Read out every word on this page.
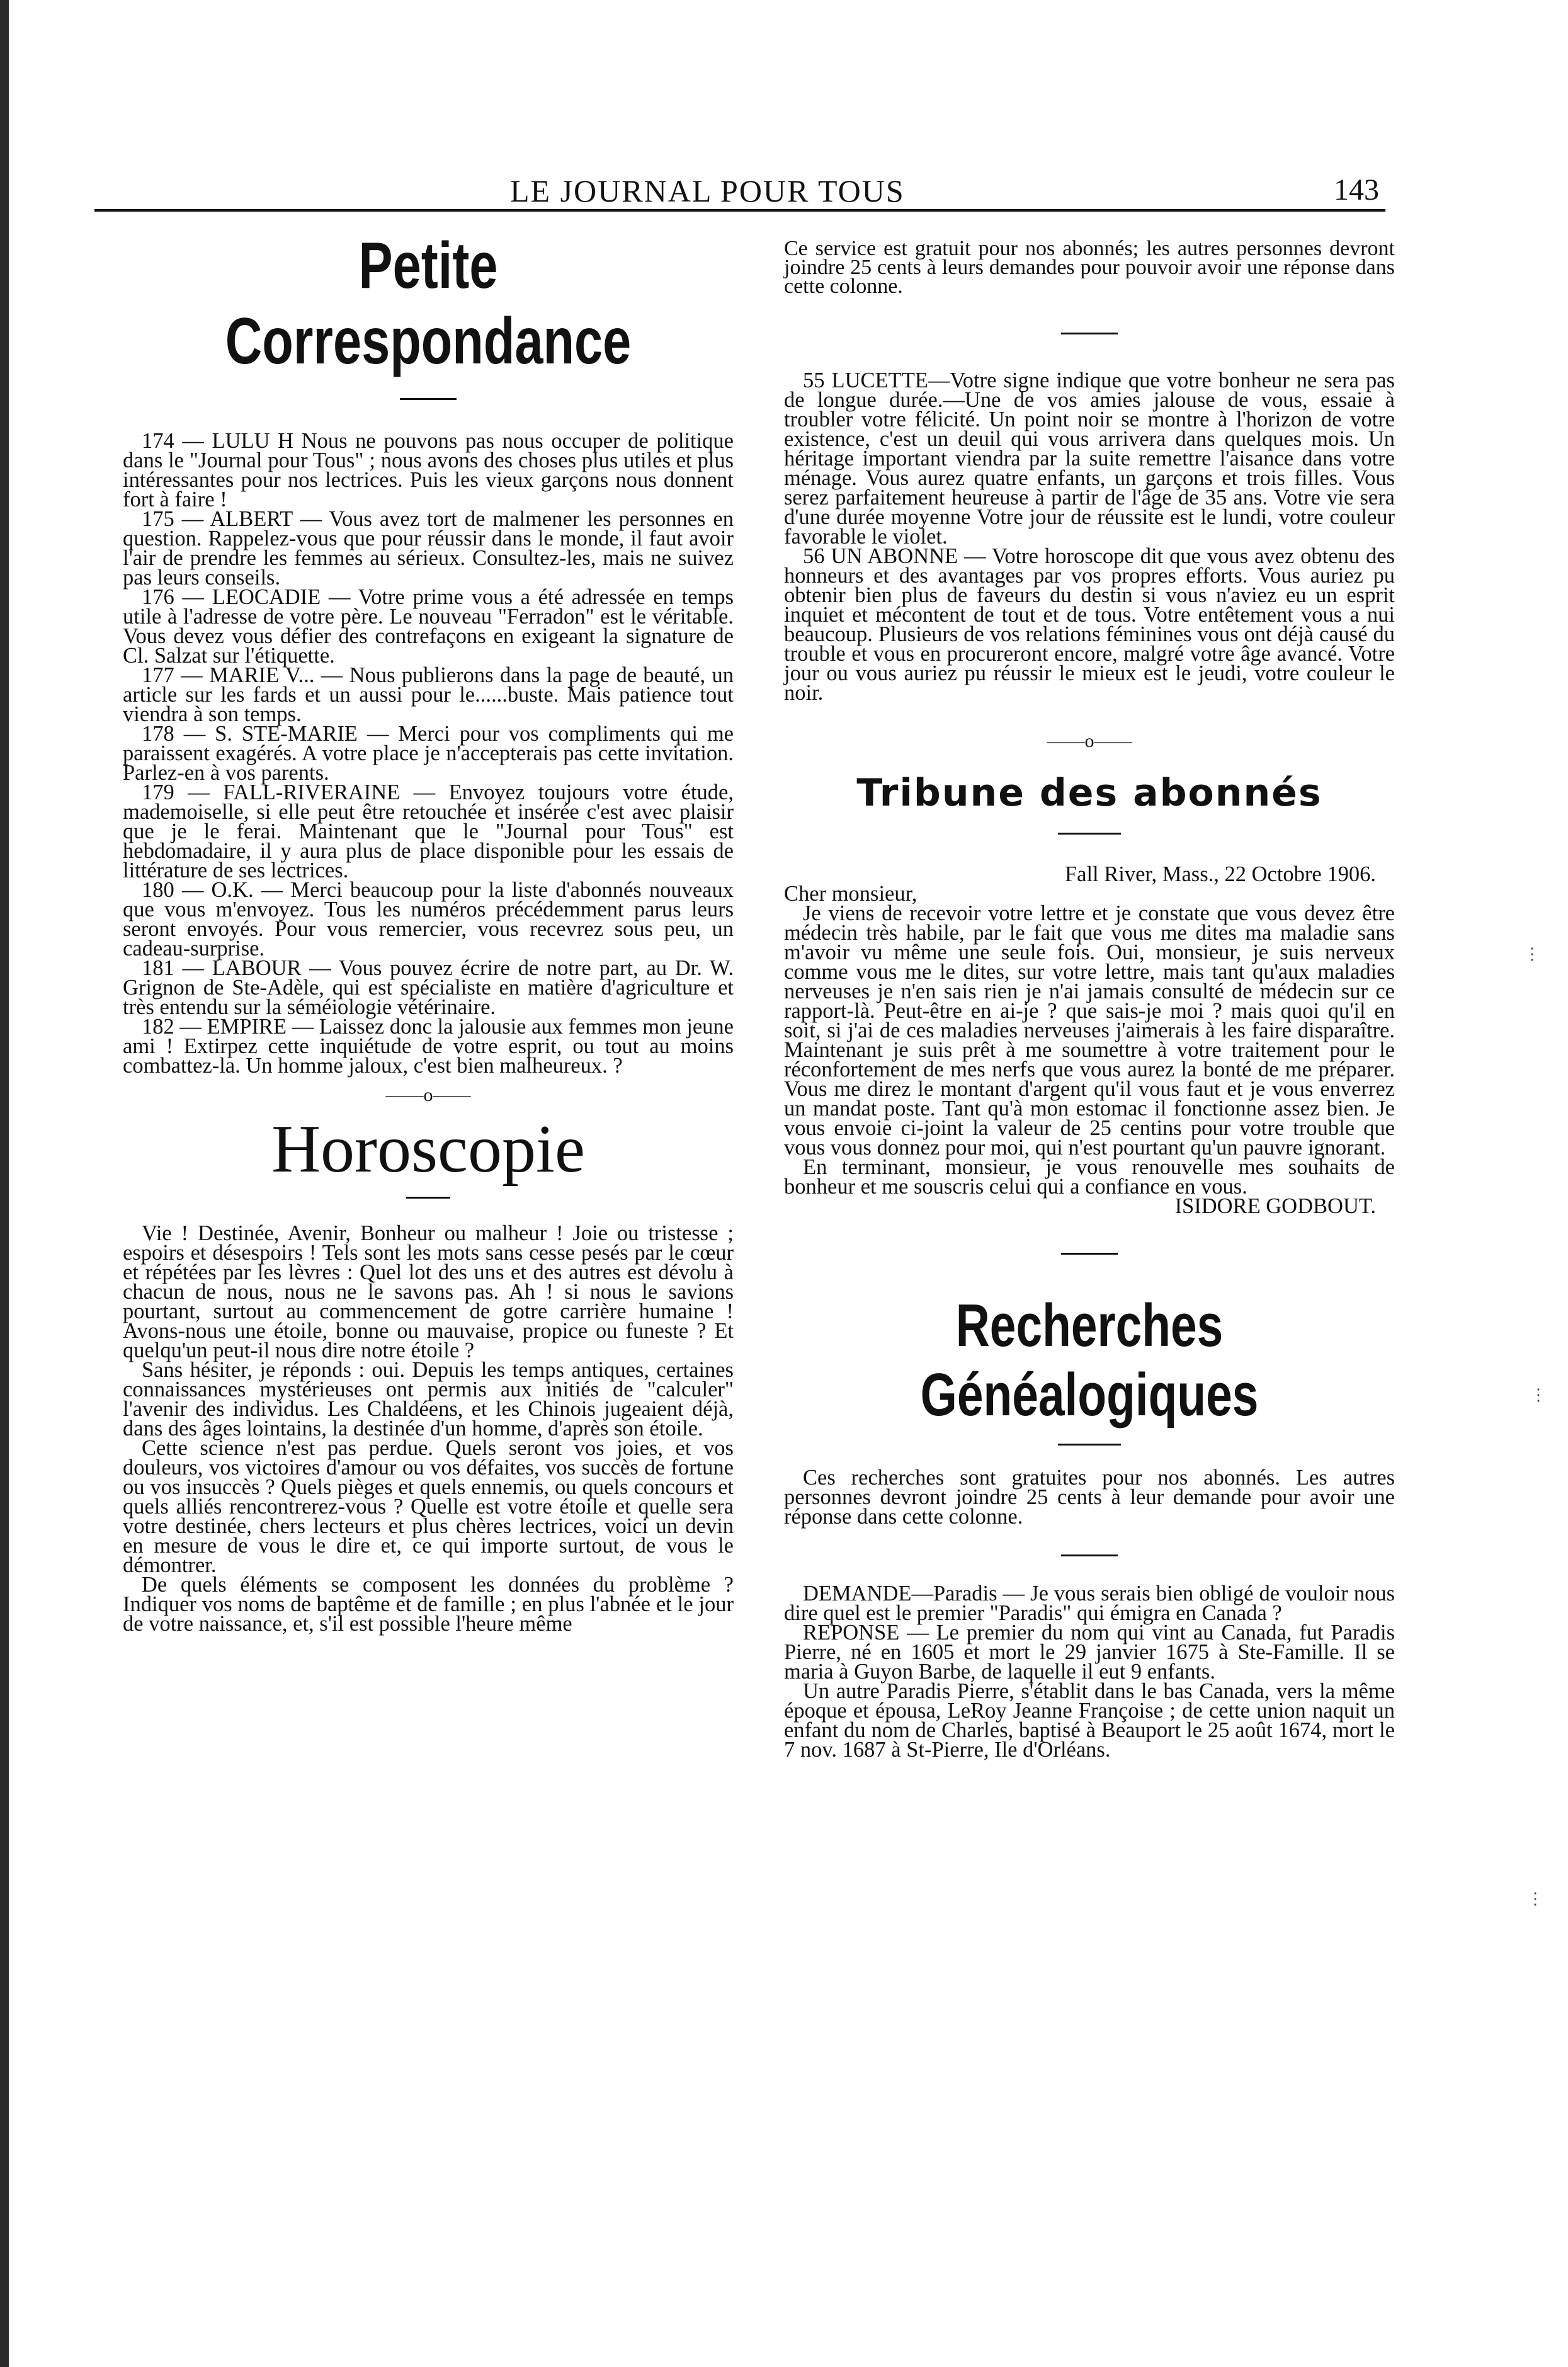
⋮
⋮
⋮
LE JOURNAL POUR TOUS	143
Petite Correspondance

174 — LULU H Nous ne pouvons pas nous occuper de politique dans le "Journal pour Tous" ; nous avons des choses plus utiles et plus intéressantes pour nos lectrices. Puis les vieux garçons nous donnent fort à faire !

175 — ALBERT — Vous avez tort de malmener les personnes en question. Rappelez-vous que pour réussir dans le monde, il faut avoir l'air de prendre les femmes au sérieux. Consultez-les, mais ne suivez pas leurs conseils.

176 — LEOCADIE — Votre prime vous a été adressée en temps utile à l'adresse de votre père. Le nouveau "Ferradon" est le véritable. Vous devez vous défier des contrefaçons en exigeant la signature de Cl. Salzat sur l'étiquette.

177 — MARIE V... — Nous publierons dans la page de beauté, un article sur les fards et un aussi pour le......buste. Mais patience tout viendra à son temps.

178 — S. STE-MARIE — Merci pour vos compliments qui me paraissent exagérés. A votre place je n'accepterais pas cette invitation. Parlez-en à vos parents.

179 — FALL-RIVERAINE — Envoyez toujours votre étude, mademoiselle, si elle peut être retouchée et insérée c'est avec plaisir que je le ferai. Maintenant que le "Journal pour Tous" est hebdomadaire, il y aura plus de place disponible pour les essais de littérature de ses lectrices.

180 — O.K. — Merci beaucoup pour la liste d'abonnés nouveaux que vous m'envoyez. Tous les numéros précédemment parus leurs seront envoyés. Pour vous remercier, vous recevrez sous peu, un cadeau-surprise.

181 — LABOUR — Vous pouvez écrire de notre part, au Dr. W. Grignon de Ste-Adèle, qui est spécialiste en matière d'agriculture et très entendu sur la séméiologie vétérinaire.

182 — EMPIRE — Laissez donc la jalousie aux femmes mon jeune ami ! Extirpez cette inquiétude de votre esprit, ou tout au moins combattez-la. Un homme jaloux, c'est bien malheureux. ?

——o——
Horoscopie

Vie ! Destinée, Avenir, Bonheur ou malheur ! Joie ou tristesse ; espoirs et désespoirs ! Tels sont les mots sans cesse pesés par le cœur et répétées par les lèvres : Quel lot des uns et des autres est dévolu à chacun de nous, nous ne le savons pas. Ah ! si nous le savions pourtant, surtout au commencement de gotre carrière humaine ! Avons-nous une étoile, bonne ou mauvaise, propice ou funeste ? Et quelqu'un peut-il nous dire notre étoile ?

Sans hésiter, je réponds : oui. Depuis les temps antiques, certaines connaissances mystérieuses ont permis aux initiés de "calculer" l'avenir des individus. Les Chaldéens, et les Chinois jugeaient déjà, dans des âges lointains, la destinée d'un homme, d'après son étoile.

Cette science n'est pas perdue. Quels seront vos joies, et vos douleurs, vos victoires d'amour ou vos défaites, vos succès de fortune ou vos insuccès ? Quels pièges et quels ennemis, ou quels concours et quels alliés rencontrerez-vous ? Quelle est votre étoile et quelle sera votre destinée, chers lecteurs et plus chères lectrices, voici un devin en mesure de vous le dire et, ce qui importe surtout, de vous le démontrer.

De quels éléments se composent les données du problème ? Indiquer vos noms de baptême et de famille ; en plus l'abnée et le jour de votre naissance, et, s'il est possible l'heure même

Ce service est gratuit pour nos abonnés; les autres personnes devront joindre 25 cents à leurs demandes pour pouvoir avoir une réponse dans cette colonne.

55 LUCETTE—Votre signe indique que votre bonheur ne sera pas de longue durée.—Une de vos amies jalouse de vous, essaie à troubler votre félicité. Un point noir se montre à l'horizon de votre existence, c'est un deuil qui vous arrivera dans quelques mois. Un héritage important viendra par la suite remettre l'aisance dans votre ménage. Vous aurez quatre enfants, un garçons et trois filles. Vous serez parfaitement heureuse à partir de l'âge de 35 ans. Votre vie sera d'une durée moyenne Votre jour de réussite est le lundi, votre couleur favorable le violet.

56 UN ABONNE — Votre horoscope dit que vous avez obtenu des honneurs et des avantages par vos propres efforts. Vous auriez pu obtenir bien plus de faveurs du destin si vous n'aviez eu un esprit inquiet et mécontent de tout et de tous. Votre entêtement vous a nui beaucoup. Plusieurs de vos relations féminines vous ont déjà causé du trouble et vous en procureront encore, malgré votre âge avancé. Votre jour ou vous auriez pu réussir le mieux est le jeudi, votre couleur le noir.

——o——
Tribune des abonnés

Fall River, Mass., 22 Octobre 1906.

Cher monsieur,

Je viens de recevoir votre lettre et je constate que vous devez être médecin très habile, par le fait que vous me dites ma maladie sans m'avoir vu même une seule fois. Oui, monsieur, je suis nerveux comme vous me le dites, sur votre lettre, mais tant qu'aux maladies nerveuses je n'en sais rien je n'ai jamais consulté de médecin sur ce rapport-là. Peut-être en ai-je ? que sais-je moi ? mais quoi qu'il en soit, si j'ai de ces maladies nerveuses j'aimerais à les faire disparaître. Maintenant je suis prêt à me soumettre à votre traitement pour le réconfortement de mes nerfs que vous aurez la bonté de me préparer. Vous me direz le montant d'argent qu'il vous faut et je vous enverrez un mandat poste. Tant qu'à mon estomac il fonctionne assez bien. Je vous envoie ci-joint la valeur de 25 centins pour votre trouble que vous vous donnez pour moi, qui n'est pourtant qu'un pauvre ignorant.

En terminant, monsieur, je vous renouvelle mes souhaits de bonheur et me souscris celui qui a confiance en vous.

ISIDORE GODBOUT.

Recherches Généalogiques

Ces recherches sont gratuites pour nos abonnés. Les autres personnes devront joindre 25 cents à leur demande pour avoir une réponse dans cette colonne.

DEMANDE—Paradis — Je vous serais bien obligé de vouloir nous dire quel est le premier "Paradis" qui émigra en Canada ?

REPONSE — Le premier du nom qui vint au Canada, fut Paradis Pierre, né en 1605 et mort le 29 janvier 1675 à Ste-Famille. Il se maria à Guyon Barbe, de laquelle il eut 9 enfants.

Un autre Paradis Pierre, s'établit dans le bas Canada, vers la même époque et épousa, LeRoy Jeanne Françoise ; de cette union naquit un enfant du nom de Charles, baptisé à Beauport le 25 août 1674, mort le 7 nov. 1687 à St-Pierre, Ile d'Orléans.
